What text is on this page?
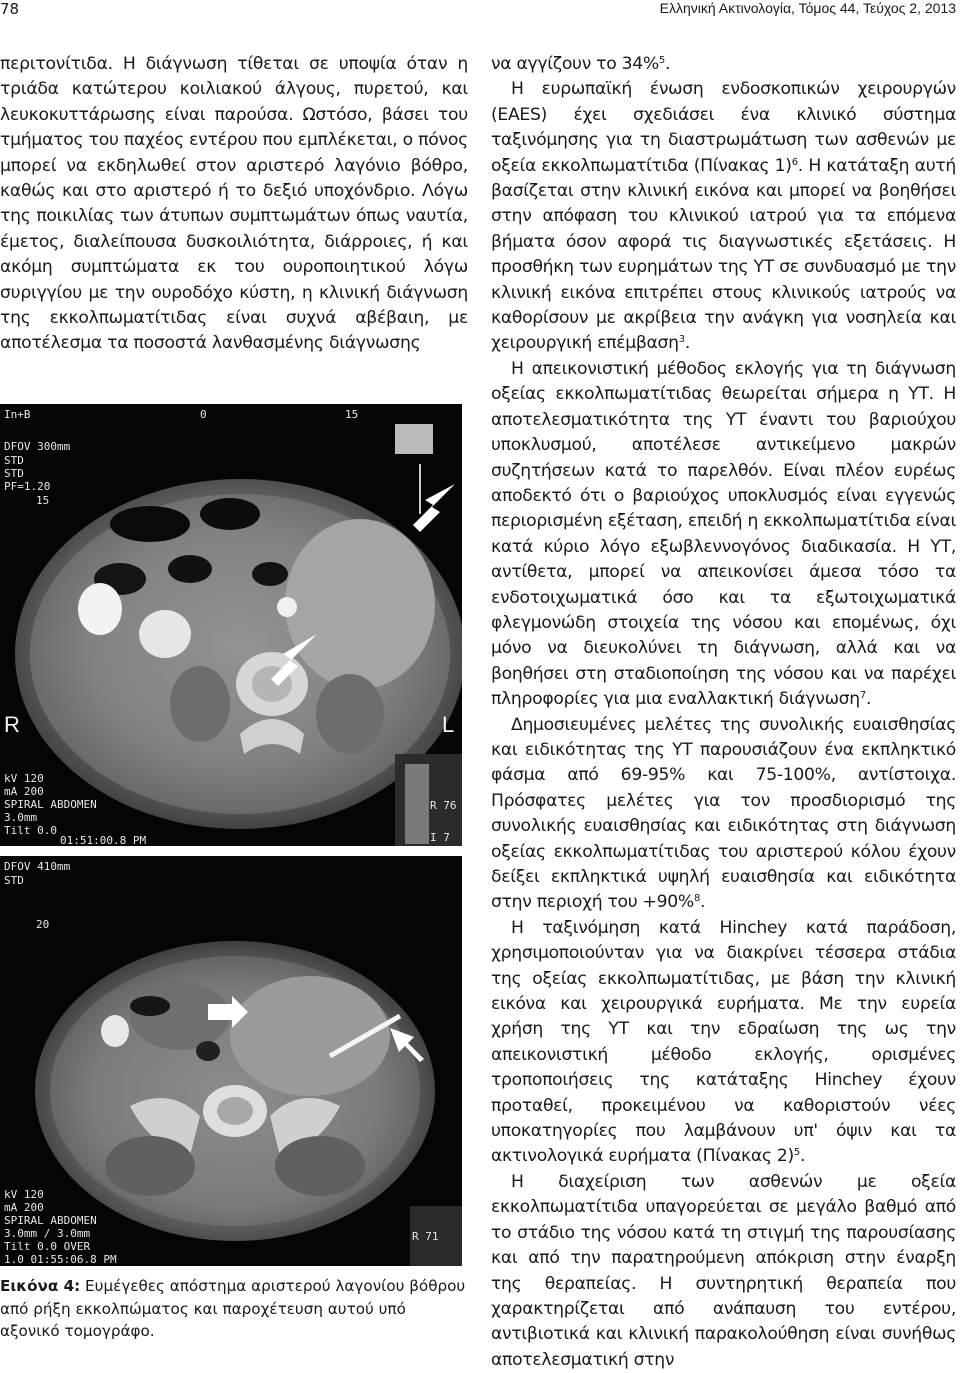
78	Ελληνική Ακτινολογία, Τόμος 44, Τεύχος 2, 2013

περιτονίτιδα. Η διάγνωση τίθεται σε υποψία όταν η τριάδα κατώτερου κοιλιακού άλγους, πυρετού, και λευκοκυττάρωσης είναι παρούσα. Ωστόσο, βάσει του τμήματος του παχέος εντέρου που εμπλέκεται, ο πόνος μπορεί να εκδηλωθεί στον αριστερό λαγόνιο βόθρο, καθώς και στο αριστερό ή το δεξιό υποχόνδριο. Λόγω της ποικιλίας των άτυπων συμπτωμάτων όπως ναυτία, έμετος, διαλείπουσα δυσκοιλιότητα, διάρροιες, ή και ακόμη συμπτώματα εκ του ουροποιητικού λόγω συριγγίου με την ουροδόχο κύστη, η κλινική διάγνωση της εκκολπωματίτιδας είναι συχνά αβέβαιη, με αποτέλεσμα τα ποσοστά λανθασμένης διάγνωσης

In+B	0	15
DFOV 300mm
STD
STD
PF=1.20
15
R	L
kV 120
mA 200
SPIRAL ABDOMEN
3.0mm
Tilt 0.0
01:51:00.8 PM
R 76
I 7
DFOV 410mm
STD
20
kV 120
mA 200
SPIRAL ABDOMEN
3.0mm / 3.0mm
Tilt 0.0 OVER
1.0 01:55:06.8 PM
R 71
Εικόνα 4: Ευμέγεθες απόστημα αριστερού λαγονίου βόθρου από ρήξη εκκολπώματος και παροχέτευση αυτού υπό αξονικό τομογράφο.

να αγγίζουν το 34%$^5$.

Η ευρωπαϊκή ένωση ενδοσκοπικών χειρουργών (EAES) έχει σχεδιάσει ένα κλινικό σύστημα ταξινόμησης για τη διαστρωμάτωση των ασθενών με οξεία εκκολπωματίτιδα (Πίνακας 1)$^6$. Η κατάταξη αυτή βασίζεται στην κλινική εικόνα και μπορεί να βοηθήσει στην απόφαση του κλινικού ιατρού για τα επόμενα βήματα όσον αφορά τις διαγνωστικές εξετάσεις. Η προσθήκη των ευρημάτων της ΥΤ σε συνδυασμό με την κλινική εικόνα επιτρέπει στους κλινικούς ιατρούς να καθορίσουν με ακρίβεια την ανάγκη για νοσηλεία και χειρουργική επέμβαση$^3$.

Η απεικονιστική μέθοδος εκλογής για τη διάγνωση οξείας εκκολπωματίτιδας θεωρείται σήμερα η ΥΤ. Η αποτελεσματικότητα της ΥΤ έναντι του βαριούχου υποκλυσμού, αποτέλεσε αντικείμενο μακρών συζητήσεων κατά το παρελθόν. Είναι πλέον ευρέως αποδεκτό ότι ο βαριούχος υποκλυσμός είναι εγγενώς περιορισμένη εξέταση, επειδή η εκκολπωματίτιδα είναι κατά κύριο λόγο εξωβλεννογόνος διαδικασία. Η ΥΤ, αντίθετα, μπορεί να απεικονίσει άμεσα τόσο τα ενδοτοιχωματικά όσο και τα εξωτοιχωματικά φλεγμονώδη στοιχεία της νόσου και επομένως, όχι μόνο να διευκολύνει τη διάγνωση, αλλά και να βοηθήσει στη σταδιοποίηση της νόσου και να παρέχει πληροφορίες για μια εναλλακτική διάγνωση$^7$.

Δημοσιευμένες μελέτες της συνολικής ευαισθησίας και ειδικότητας της ΥΤ παρουσιάζουν ένα εκπληκτικό φάσμα από 69-95% και 75-100%, αντίστοιχα. Πρόσφατες μελέτες για τον προσδιορισμό της συνολικής ευαισθησίας και ειδικότητας στη διάγνωση οξείας εκκολπωματίτιδας του αριστερού κόλου έχουν δείξει εκπληκτικά υψηλή ευαισθησία και ειδικότητα στην περιοχή του +90%$^8$.

Η ταξινόμηση κατά Hinchey κατά παράδοση, χρησιμοποιούνταν για να διακρίνει τέσσερα στάδια της οξείας εκκολπωματίτιδας, με βάση την κλινική εικόνα και χειρουργικά ευρήματα. Με την ευρεία χρήση της ΥΤ και την εδραίωση της ως την απεικονιστική μέθοδο εκλογής, ορισμένες τροποποιήσεις της κατάταξης Hinchey έχουν προταθεί, προκειμένου να καθοριστούν νέες υποκατηγορίες που λαμβάνουν υπ' όψιν και τα ακτινολογικά ευρήματα (Πίνακας 2)$^5$.

Η διαχείριση των ασθενών με οξεία εκκολπωματίτιδα υπαγορεύεται σε μεγάλο βαθμό από το στάδιο της νόσου κατά τη στιγμή της παρουσίασης και από την παρατηρούμενη απόκριση στην έναρξη της θεραπείας. Η συντηρητική θεραπεία που χαρακτηρίζεται από ανάπαυση του εντέρου, αντιβιοτικά και κλινική παρακολούθηση είναι συνήθως αποτελεσματική στην
